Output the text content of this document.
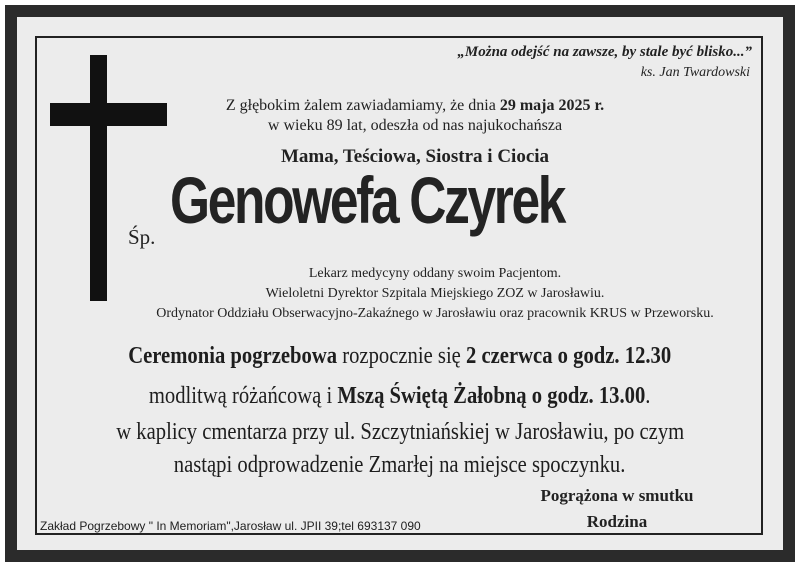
„Można odejść na zawsze, by stale być blisko...”
ks. Jan Twardowski
Z głębokim żalem zawiadamiamy, że dnia 29 maja 2025 r.
w wieku 89 lat, odeszła od nas najukochańsza
Mama, Teściowa, Siostra i Ciocia
Śp. Genowefa Czyrek
Lekarz medycyny oddany swoim Pacjentom.
Wieloletni Dyrektor Szpitala Miejskiego ZOZ w Jarosławiu.
Ordynator Oddziału Obserwacyjno-Zakaźnego w Jarosławiu oraz pracownik KRUS w Przeworsku.
Ceremonia pogrzebowa rozpocznie się 2 czerwca o godz. 12.30
modlitwą różańcową i Mszą Świętą Żałobną o godz. 13.00.
w kaplicy cmentarza przy ul. Szczytniańskiej w Jarosławiu, po czym
nastąpi odprowadzenie Zmarłej na miejsce spoczynku.
Pogrążona w smutku
Rodzina
Zakład Pogrzebowy " In Memoriam",Jarosław ul. JPII 39;tel 693137 090
